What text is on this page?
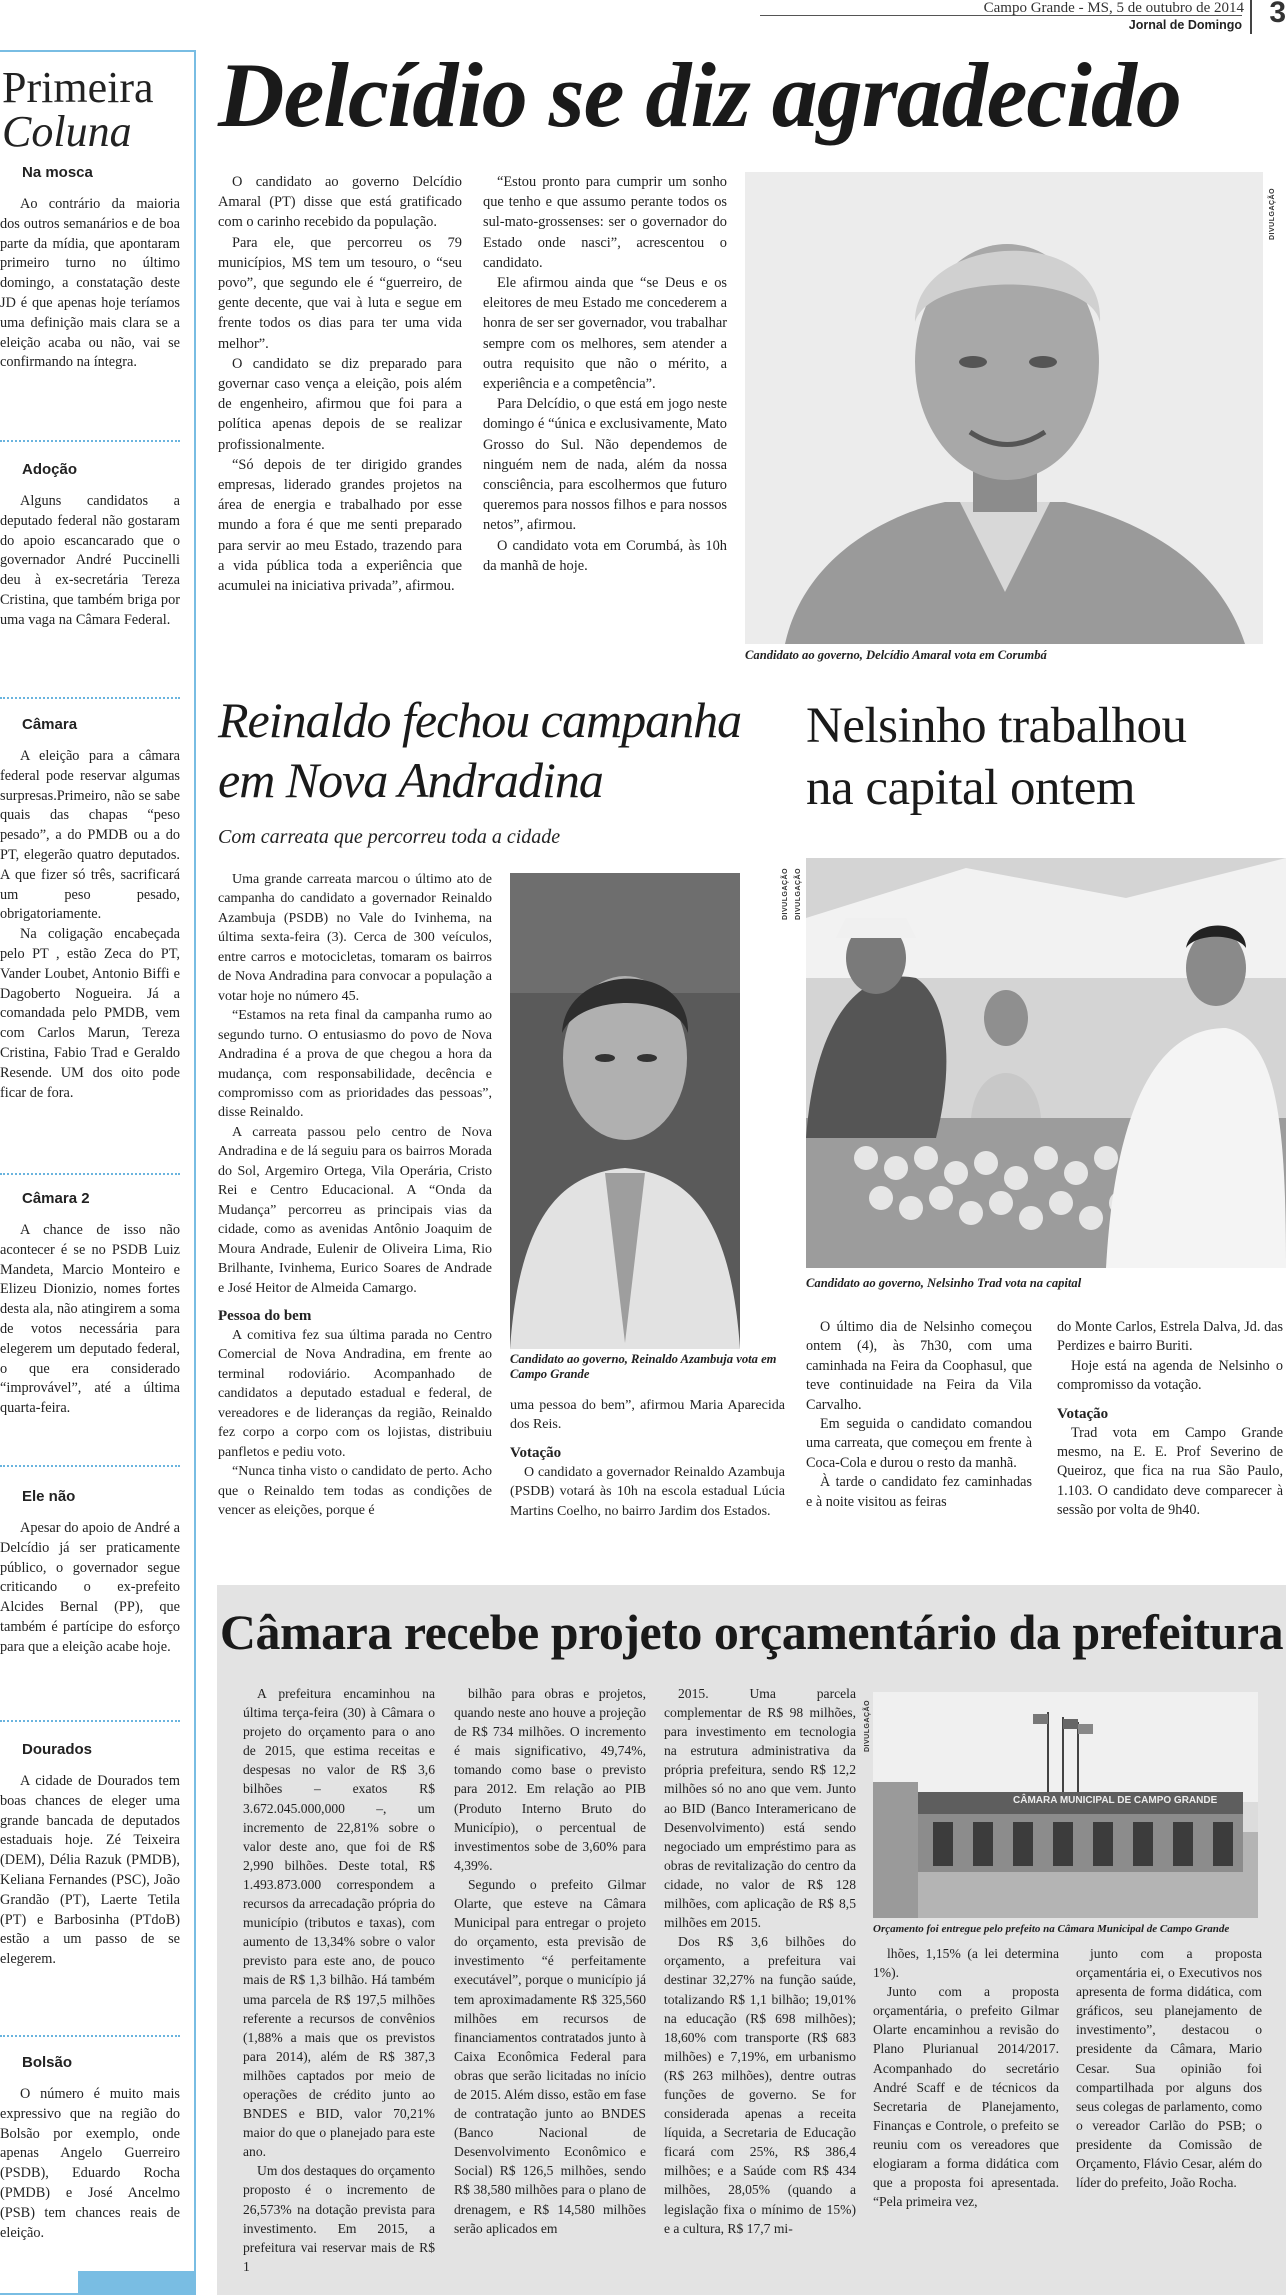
Campo Grande - MS, 5 de outubro de 2014
Jornal de Domingo 3
Primeira
Coluna
Na mosca

Ao contrário da maioria dos outros semanários e de boa parte da mídia, que apontaram primeiro turno no último domingo, a constatação deste JD é que apenas hoje teríamos uma definição mais clara se a eleição acaba ou não, vai se confirmando na íntegra.

Adoção

Alguns candidatos a deputado federal não gostaram do apoio escancarado que o governador André Puccinelli deu à ex-secretária Tereza Cristina, que também briga por uma vaga na Câmara Federal.

Câmara

A eleição para a câmara federal pode reservar algumas surpresas.Primeiro, não se sabe quais das chapas “peso pesado”, a do PMDB ou a do PT, elegerão quatro deputados. A que fizer só três, sacrificará um peso pesado, obrigatoriamente.

Na coligação encabeçada pelo PT , estão Zeca do PT, Vander Loubet, Antonio Biffi e Dagoberto Nogueira. Já a comandada pelo PMDB, vem com Carlos Marun, Tereza Cristina, Fabio Trad e Geraldo Resende. UM dos oito pode ficar de fora.

Câmara 2

A chance de isso não acontecer é se no PSDB Luiz Mandeta, Marcio Monteiro e Elizeu Dionizio, nomes fortes desta ala, não atingirem a soma de votos necessária para elegerem um deputado federal, o que era considerado “improvável”, até a última quarta-feira.

Ele não

Apesar do apoio de André a Delcídio já ser praticamente público, o governador segue criticando o ex-prefeito Alcides Bernal (PP), que também é partícipe do esforço para que a eleição acabe hoje.

Dourados

A cidade de Dourados tem boas chances de eleger uma grande bancada de deputados estaduais hoje. Zé Teixeira (DEM), Délia Razuk (PMDB), Keliana Fernandes (PSC), João Grandão (PT), Laerte Tetila (PT) e Barbosinha (PTdoB) estão a um passo de se elegerem.

Bolsão

O número é muito mais expressivo que na região do Bolsão por exemplo, onde apenas Angelo Guerreiro (PSDB), Eduardo Rocha (PMDB) e José Ancelmo (PSB) tem chances reais de eleição.

Delcídio se diz agradecido

O candidato ao governo Delcídio Amaral (PT) disse que está gratificado com o carinho recebido da população.

Para ele, que percorreu os 79 municípios, MS tem um tesouro, o “seu povo”, que segundo ele é “guerreiro, de gente decente, que vai à luta e segue em frente todos os dias para ter uma vida melhor”.

O candidato se diz preparado para governar caso vença a eleição, pois além de engenheiro, afirmou que foi para a política apenas depois de se realizar profissionalmente.

“Só depois de ter dirigido grandes empresas, liderado grandes projetos na área de energia e trabalhado por esse mundo a fora é que me senti preparado para servir ao meu Estado, trazendo para a vida pública toda a experiência que acumulei na iniciativa privada”, afirmou.

“Estou pronto para cumprir um sonho que tenho e que assumo perante todos os sul-mato-grossenses: ser o governador do Estado onde nasci”, acrescentou o candidato.

Ele afirmou ainda que “se Deus e os eleitores de meu Estado me concederem a honra de ser ser governador, vou trabalhar sempre com os melhores, sem atender a outra requisito que não o mérito, a experiência e a competência”.

Para Delcídio, o que está em jogo neste domingo é “única e exclusivamente, Mato Grosso do Sul. Não dependemos de ninguém nem de nada, além da nossa consciência, para escolhermos que futuro queremos para nossos filhos e para nossos netos”, afirmou.

O candidato vota em Corumbá, às 10h da manhã de hoje.

DIVULGAÇÃO
Candidato ao governo, Delcídio Amaral vota em Corumbá
Reinaldo fechou campanha
em Nova Andradina
Com carreata que percorreu toda a cidade

Uma grande carreata marcou o último ato de campanha do candidato a governador Reinaldo Azambuja (PSDB) no Vale do Ivinhema, na última sexta-feira (3). Cerca de 300 veículos, entre carros e motocicletas, tomaram os bairros de Nova Andradina para convocar a população a votar hoje no número 45.

“Estamos na reta final da campanha rumo ao segundo turno. O entusiasmo do povo de Nova Andradina é a prova de que chegou a hora da mudança, com responsabilidade, decência e compromisso com as prioridades das pessoas”, disse Reinaldo.

A carreata passou pelo centro de Nova Andradina e de lá seguiu para os bairros Morada do Sol, Argemiro Ortega, Vila Operária, Cristo Rei e Centro Educacional. A “Onda da Mudança” percorreu as principais vias da cidade, como as avenidas Antônio Joaquim de Moura Andrade, Eulenir de Oliveira Lima, Rio Brilhante, Ivinhema, Eurico Soares de Andrade e José Heitor de Almeida Camargo.

Pessoa do bem

A comitiva fez sua última parada no Centro Comercial de Nova Andradina, em frente ao terminal rodoviário. Acompanhado de candidatos a deputado estadual e federal, de vereadores e de lideranças da região, Reinaldo fez corpo a corpo com os lojistas, distribuiu panfletos e pediu voto.

“Nunca tinha visto o candidato de perto. Acho que o Reinaldo tem todas as condições de vencer as eleições, porque é

DIVULGAÇÃO
Candidato ao governo, Reinaldo Azambuja vota em Campo Grande

uma pessoa do bem”, afirmou Maria Aparecida dos Reis.

Votação

O candidato a governador Reinaldo Azambuja (PSDB) votará às 10h na escola estadual Lúcia Martins Coelho, no bairro Jardim dos Estados.

Nelsinho trabalhou
na capital ontem
DIVULGAÇÃO
Candidato ao governo, Nelsinho Trad vota na capital

O último dia de Nelsinho começou ontem (4), às 7h30, com uma caminhada na Feira da Coophasul, que teve continuidade na Feira da Vila Carvalho.

Em seguida o candidato comandou uma carreata, que começou em frente à Coca-Cola e durou o resto da manhã.

À tarde o candidato fez caminhadas e à noite visitou as feiras

do Monte Carlos, Estrela Dalva, Jd. das Perdizes e bairro Buriti.

Hoje está na agenda de Nelsinho o compromisso da votação.

Votação

Trad vota em Campo Grande mesmo, na E. E. Prof Severino de Queiroz, que fica na rua São Paulo, 1.103. O candidato deve comparecer à sessão por volta de 9h40.

Câmara recebe projeto orçamentário da prefeitura

A prefeitura encaminhou na última terça-feira (30) à Câmara o projeto do orçamento para o ano de 2015, que estima receitas e despesas no valor de R$ 3,6 bilhões – exatos R$ 3.672.045.000,000 –, um incremento de 22,81% sobre o valor deste ano, que foi de R$ 2,990 bilhões. Deste total, R$ 1.493.873.000 correspondem a recursos da arrecadação própria do município (tributos e taxas), com aumento de 13,34% sobre o valor previsto para este ano, de pouco mais de R$ 1,3 bilhão. Há também uma parcela de R$ 197,5 milhões referente a recursos de convênios (1,88% a mais que os previstos para 2014), além de R$ 387,3 milhões captados por meio de operações de crédito junto ao BNDES e BID, valor 70,21% maior do que o planejado para este ano.

Um dos destaques do orçamento proposto é o incremento de 26,573% na dotação prevista para investimento. Em 2015, a prefeitura vai reservar mais de R$ 1

bilhão para obras e projetos, quando neste ano houve a projeção de R$ 734 milhões. O incremento é mais significativo, 49,74%, tomando como base o previsto para 2012. Em relação ao PIB (Produto Interno Bruto do Município), o percentual de investimentos sobe de 3,60% para 4,39%.

Segundo o prefeito Gilmar Olarte, que esteve na Câmara Municipal para entregar o projeto do orçamento, esta previsão de investimento “é perfeitamente executável”, porque o município já tem aproximadamente R$ 325,560 milhões em recursos de financiamentos contratados junto à Caixa Econômica Federal para obras que serão licitadas no início de 2015. Além disso, estão em fase de contratação junto ao BNDES (Banco Nacional de Desenvolvimento Econômico e Social) R$ 126,5 milhões, sendo R$ 38,580 milhões para o plano de drenagem, e R$ 14,580 milhões serão aplicados em

2015. Uma parcela complementar de R$ 98 milhões, para investimento em tecnologia na estrutura administrativa da própria prefeitura, sendo R$ 12,2 milhões só no ano que vem. Junto ao BID (Banco Interamericano de Desenvolvimento) está sendo negociado um empréstimo para as obras de revitalização do centro da cidade, no valor de R$ 128 milhões, com aplicação de R$ 8,5 milhões em 2015.

Dos R$ 3,6 bilhões do orçamento, a prefeitura vai destinar 32,27% na função saúde, totalizando R$ 1,1 bilhão; 19,01% na educação (R$ 698 milhões); 18,60% com transporte (R$ 683 milhões) e 7,19%, em urbanismo (R$ 263 milhões), dentre outras funções de governo. Se for considerada apenas a receita líquida, a Secretaria de Educação ficará com 25%, R$ 386,4 milhões; e a Saúde com R$ 434 milhões, 28,05% (quando a legislação fixa o mínimo de 15%) e a cultura, R$ 17,7 mi-

DIVULGAÇÃO
CÂMARA MUNICIPAL DE CAMPO GRANDE
Orçamento foi entregue pelo prefeito na Câmara Municipal de Campo Grande

lhões, 1,15% (a lei determina 1%).

Junto com a proposta orçamentária, o prefeito Gilmar Olarte encaminhou a revisão do Plano Plurianual 2014/2017. Acompanhado do secretário André Scaff e de técnicos da Secretaria de Planejamento, Finanças e Controle, o prefeito se reuniu com os vereadores que elogiaram a forma didática com que a proposta foi apresentada. “Pela primeira vez,

junto com a proposta orçamentária ei, o Executivos nos apresenta de forma didática, com gráficos, seu planejamento de investimento”, destacou o presidente da Câmara, Mario Cesar. Sua opinião foi compartilhada por alguns dos seus colegas de parlamento, como o vereador Carlão do PSB; o presidente da Comissão de Orçamento, Flávio Cesar, além do líder do prefeito, João Rocha.
